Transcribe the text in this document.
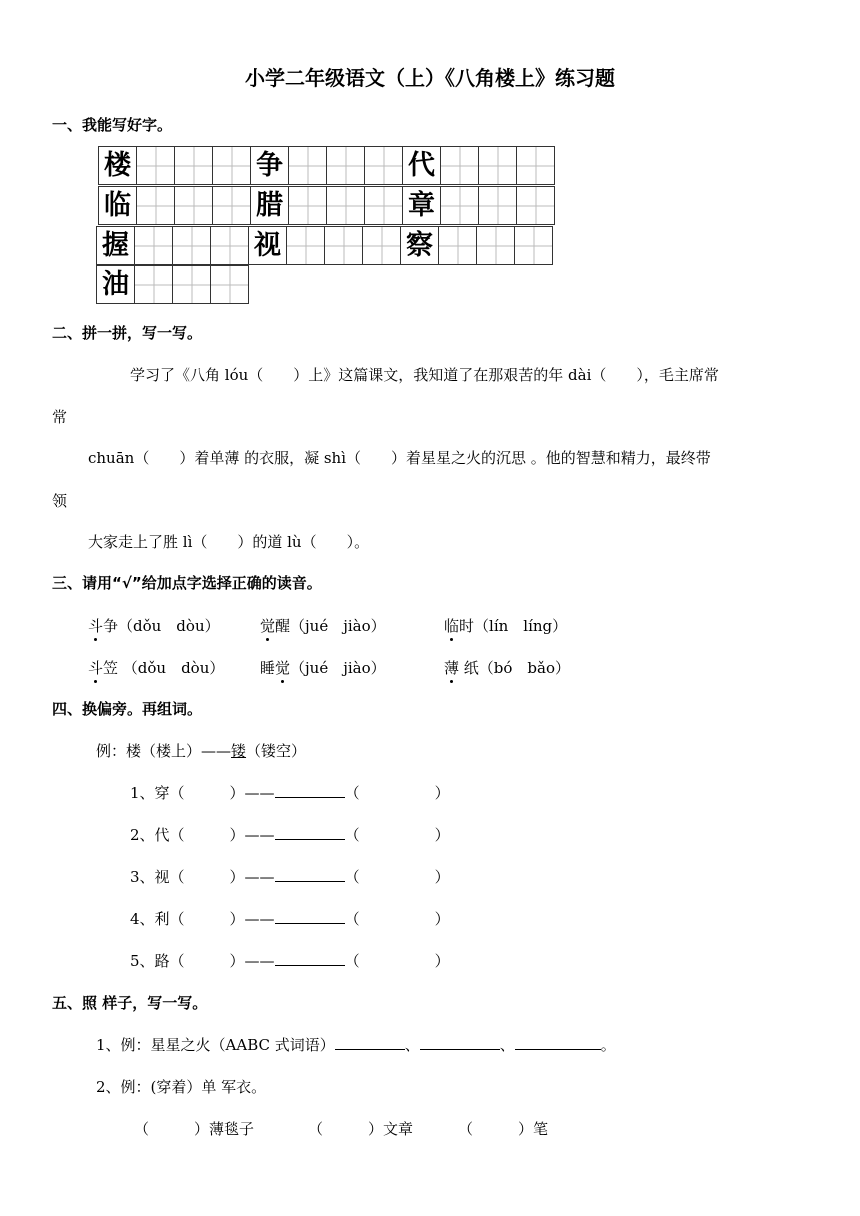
小学二年级语文（上）《八角楼上》练习题
一、我能写好字。
楼	争	代
临	腊	章
握	视	察
油
二、拼一拼，写一写。
学习了《八角 lóu（　　）上》这篇课文，我知道了在那艰苦的年 dài（　　），毛主席常
常
chuān（　　）着单薄 的衣服，凝 shì（　　）着星星之火的沉思 。他的智慧和精力，最终带
领
大家走上了胜 lì（　　）的道 lù（　　）。
三、请用“√”给加点字选择正确的读音。
斗争（dǒu　dòu）	觉醒（jué　jiào）	临时（lín　líng）
斗笠 （dǒu　dòu） 睡觉（jué　jiào）	薄 纸（bó　bǎo）
四、换偏旁。再组词。
例：楼（楼上）——镂（镂空）
1、穿（　　　）——	（　　　　　）
2、代（　　　）——	（　　　　　）
3、视（　　　）——	（　　　　　）
4、利（　　　）——	（　　　　　）
5、路（　　　）——	（　　　　　）
五、照 样子，写一写。
1、例：星星之火（AABC 式词语）	、	、	。
2、例：(穿着）单 军衣。
（　　　）薄毯子	（　　　）文章	（　　　）笔
